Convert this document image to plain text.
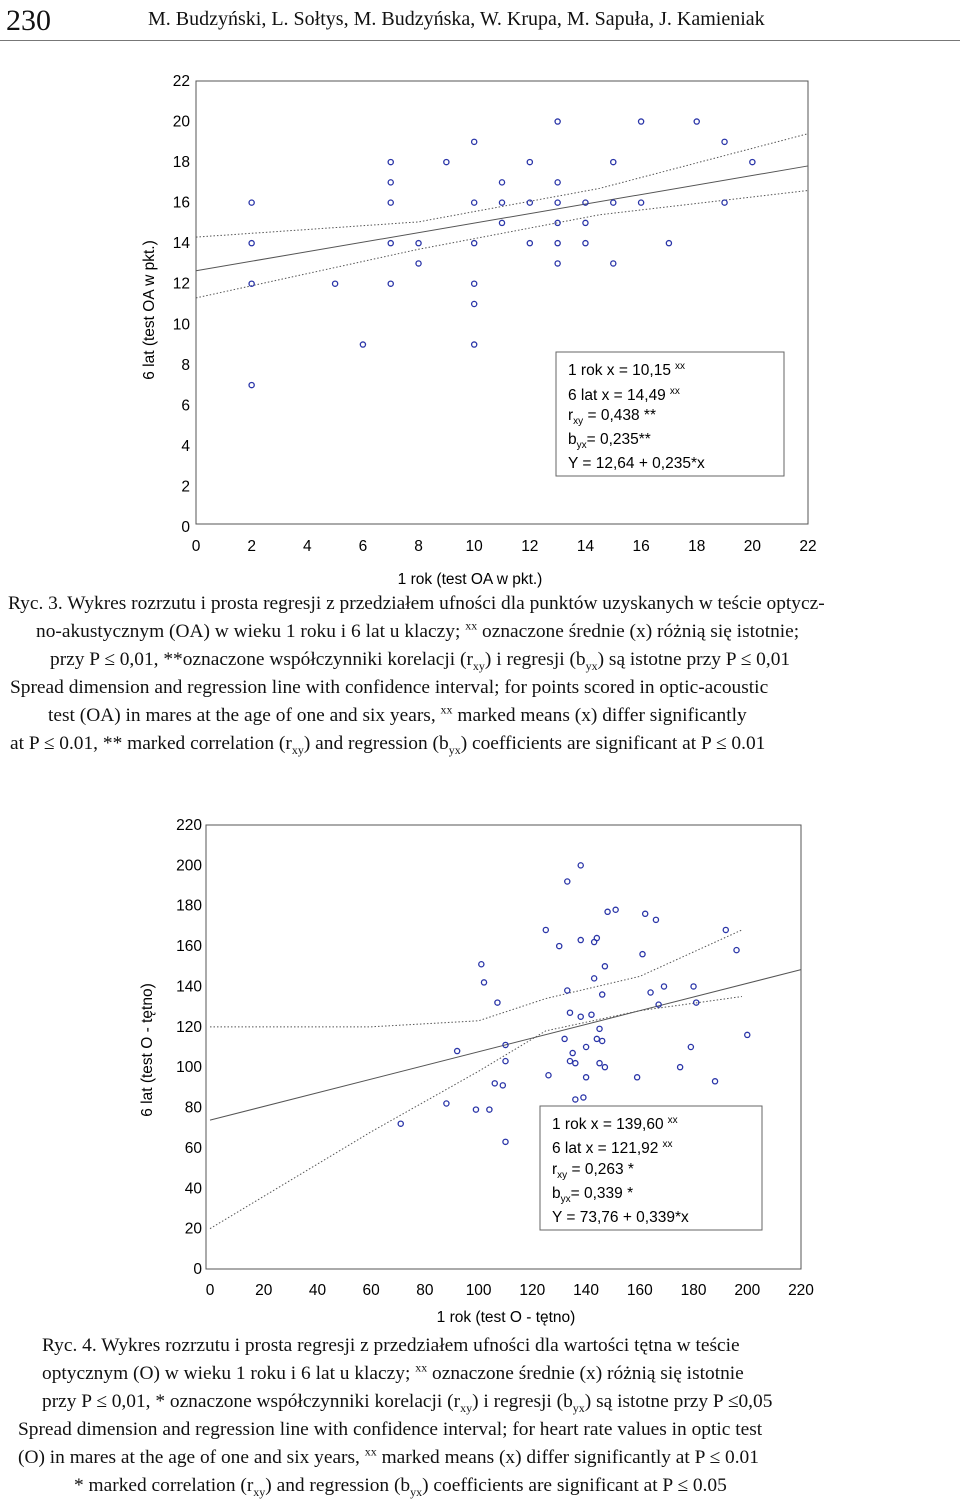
230	M. Budzyński, L. Sołtys, M. Budzyńska, W. Krupa, M. Sapuła, J. Kamieniak
0	2	4	6	8	10 12 14 16 18 20 22
0
2
4
6
8
10
12
14
16
18
20
22
1 rok x = 10,15 $^{xx}$
6 lat x = 14,49 $^{xx}$
$r_{xy} = 0,438$ **
$b_{yx}= 0,235**$
Y = 12,64 + 0,235*x
1 rok (test OA w pkt.)
6 lat (test OA w pkt.)
Ryc. 3. Wykres rozrzutu i prosta regresji z przedziałem ufności dla punktów uzyskanych w teście optycz-
no-akustycznym (OA) w wieku 1 roku i 6 lat u klaczy; $^{xx}$ oznaczone średnie (x) różnią się istotnie;
przy P ≤ 0,01, **oznaczone współczynniki korelacji $(r_{xy})$ i regresji $(b_{yx})$ są istotne przy P ≤ 0,01
Spread dimension and regression line with confidence interval; for points scored in optic-acoustic
test (OA) in mares at the age of one and six years, $^{xx}$ marked means (x) differ significantly
at P ≤ 0.01, ** marked correlation $(r_{xy})$ and regression $(b_{yx})$ coefficients are significant at P ≤ 0.01
0	20 40 60 80 100 120 140 160 180 200 220
0
20
40
60
80
100
120
140
160
180
200
220
1 rok x = 139,60 $^{xx}$
6 lat x = 121,92 $^{xx}$
$r_{xy} = 0,263$ *
$b_{yx}= 0,339$ *
Y = 73,76 + 0,339*x
1 rok (test O - tętno)
6 lat (test O - tętno)
Ryc. 4. Wykres rozrzutu i prosta regresji z przedziałem ufności dla wartości tętna w teście
optycznym (O) w wieku 1 roku i 6 lat u klaczy; $^{xx}$ oznaczone średnie (x) różnią się istotnie
przy P ≤ 0,01, * oznaczone współczynniki korelacji $(r_{xy})$ i regresji $(b_{yx})$ są istotne przy P ≤0,05
Spread dimension and regression line with confidence interval; for heart rate values in optic test
(O) in mares at the age of one and six years, $^{xx}$ marked means (x) differ significantly at P ≤ 0.01
* marked correlation $(r_{xy})$ and regression $(b_{yx})$ coefficients are significant at P ≤ 0.05
